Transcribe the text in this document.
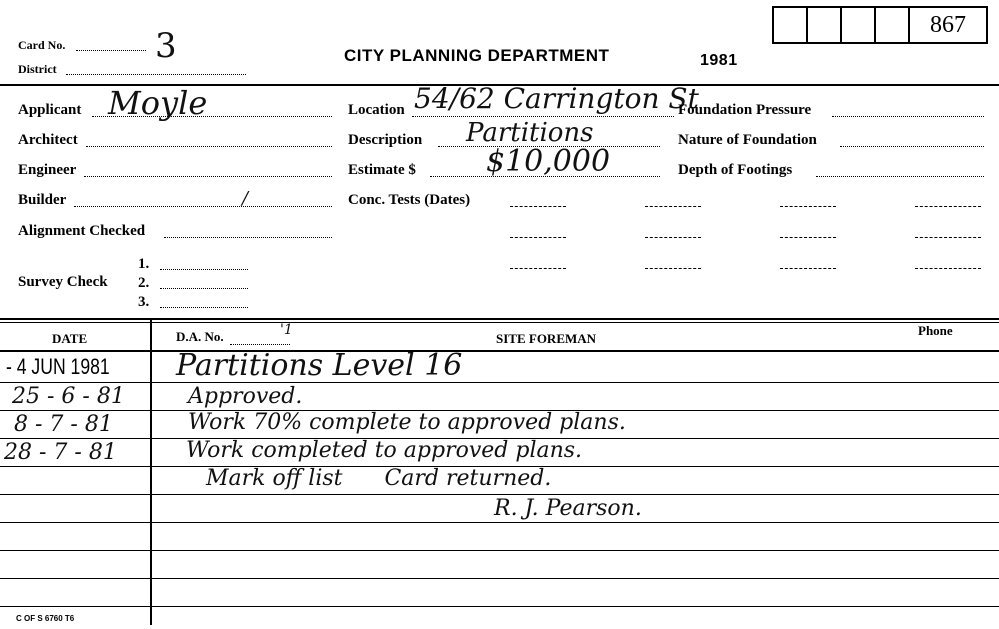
867
Card No.	3
District
CITY PLANNING DEPARTMENT	1981
Applicant Moyle
Architect
Engineer
Builder	/
Alignment Checked
Survey Check
1.
2.
3.
Location 54/62 Carrington St
Description Partitions
Estimate $ $10,000
Conc. Tests (Dates)
Foundation Pressure
Nature of Foundation
Depth of Footings
DATE	D.A. No.	'1
SITE FOREMAN
Phone
- 4 JUN 1981 Partitions Level 16
25 - 6 - 81	Approved.
8 - 7 - 81	Work 70% complete to approved plans.
28 - 7 - 81	Work completed to approved plans.
Mark off list      Card returned.
R. J. Pearson.
C OF S 6760 T6
